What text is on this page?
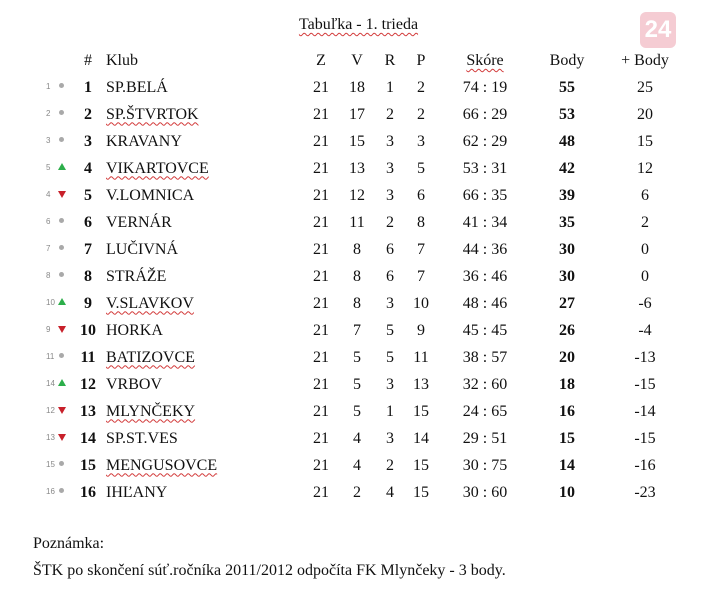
Tabuľka - 1. trieda	24
	#	Klub	Z	V	R	P	Skóre	Body	+ Body

1	1	SP.BELÁ	21	18	1	2	74 : 19	55	25

2	2	SP.ŠTVRTOK	21	17	2	2	66 : 29	53	20

3	3	KRAVANY	21	15	3	3	62 : 29	48	15

5	4	VIKARTOVCE	21	13	3	5	53 : 31	42	12

4	5	V.LOMNICA	21	12	3	6	66 : 35	39	6

6	6	VERNÁR	21	11	2	8	41 : 34	35	2

7	7	LUČIVNÁ	21	8	6	7	44 : 36	30	0

8	8	STRÁŽE	21	8	6	7	36 : 46	30	0

10	9	V.SLAVKOV	21	8	3	10	48 : 46	27	-6

9	10	HORKA	21	7	5	9	45 : 45	26	-4

11	11	BATIZOVCE	21	5	5	11	38 : 57	20	-13

14	12	VRBOV	21	5	3	13	32 : 60	18	-15

12	13	MLYNČEKY	21	5	1	15	24 : 65	16	-14

13	14	SP.ST.VES	21	4	3	14	29 : 51	15	-15

15	15	MENGUSOVCE	21	4	2	15	30 : 75	14	-16

16	16	IHĽANY	21	2	4	15	30 : 60	10	-23
Poznámka:
ŠTK po skončení súť.ročníka 2011/2012 odpočíta FK Mlynčeky - 3 body.
